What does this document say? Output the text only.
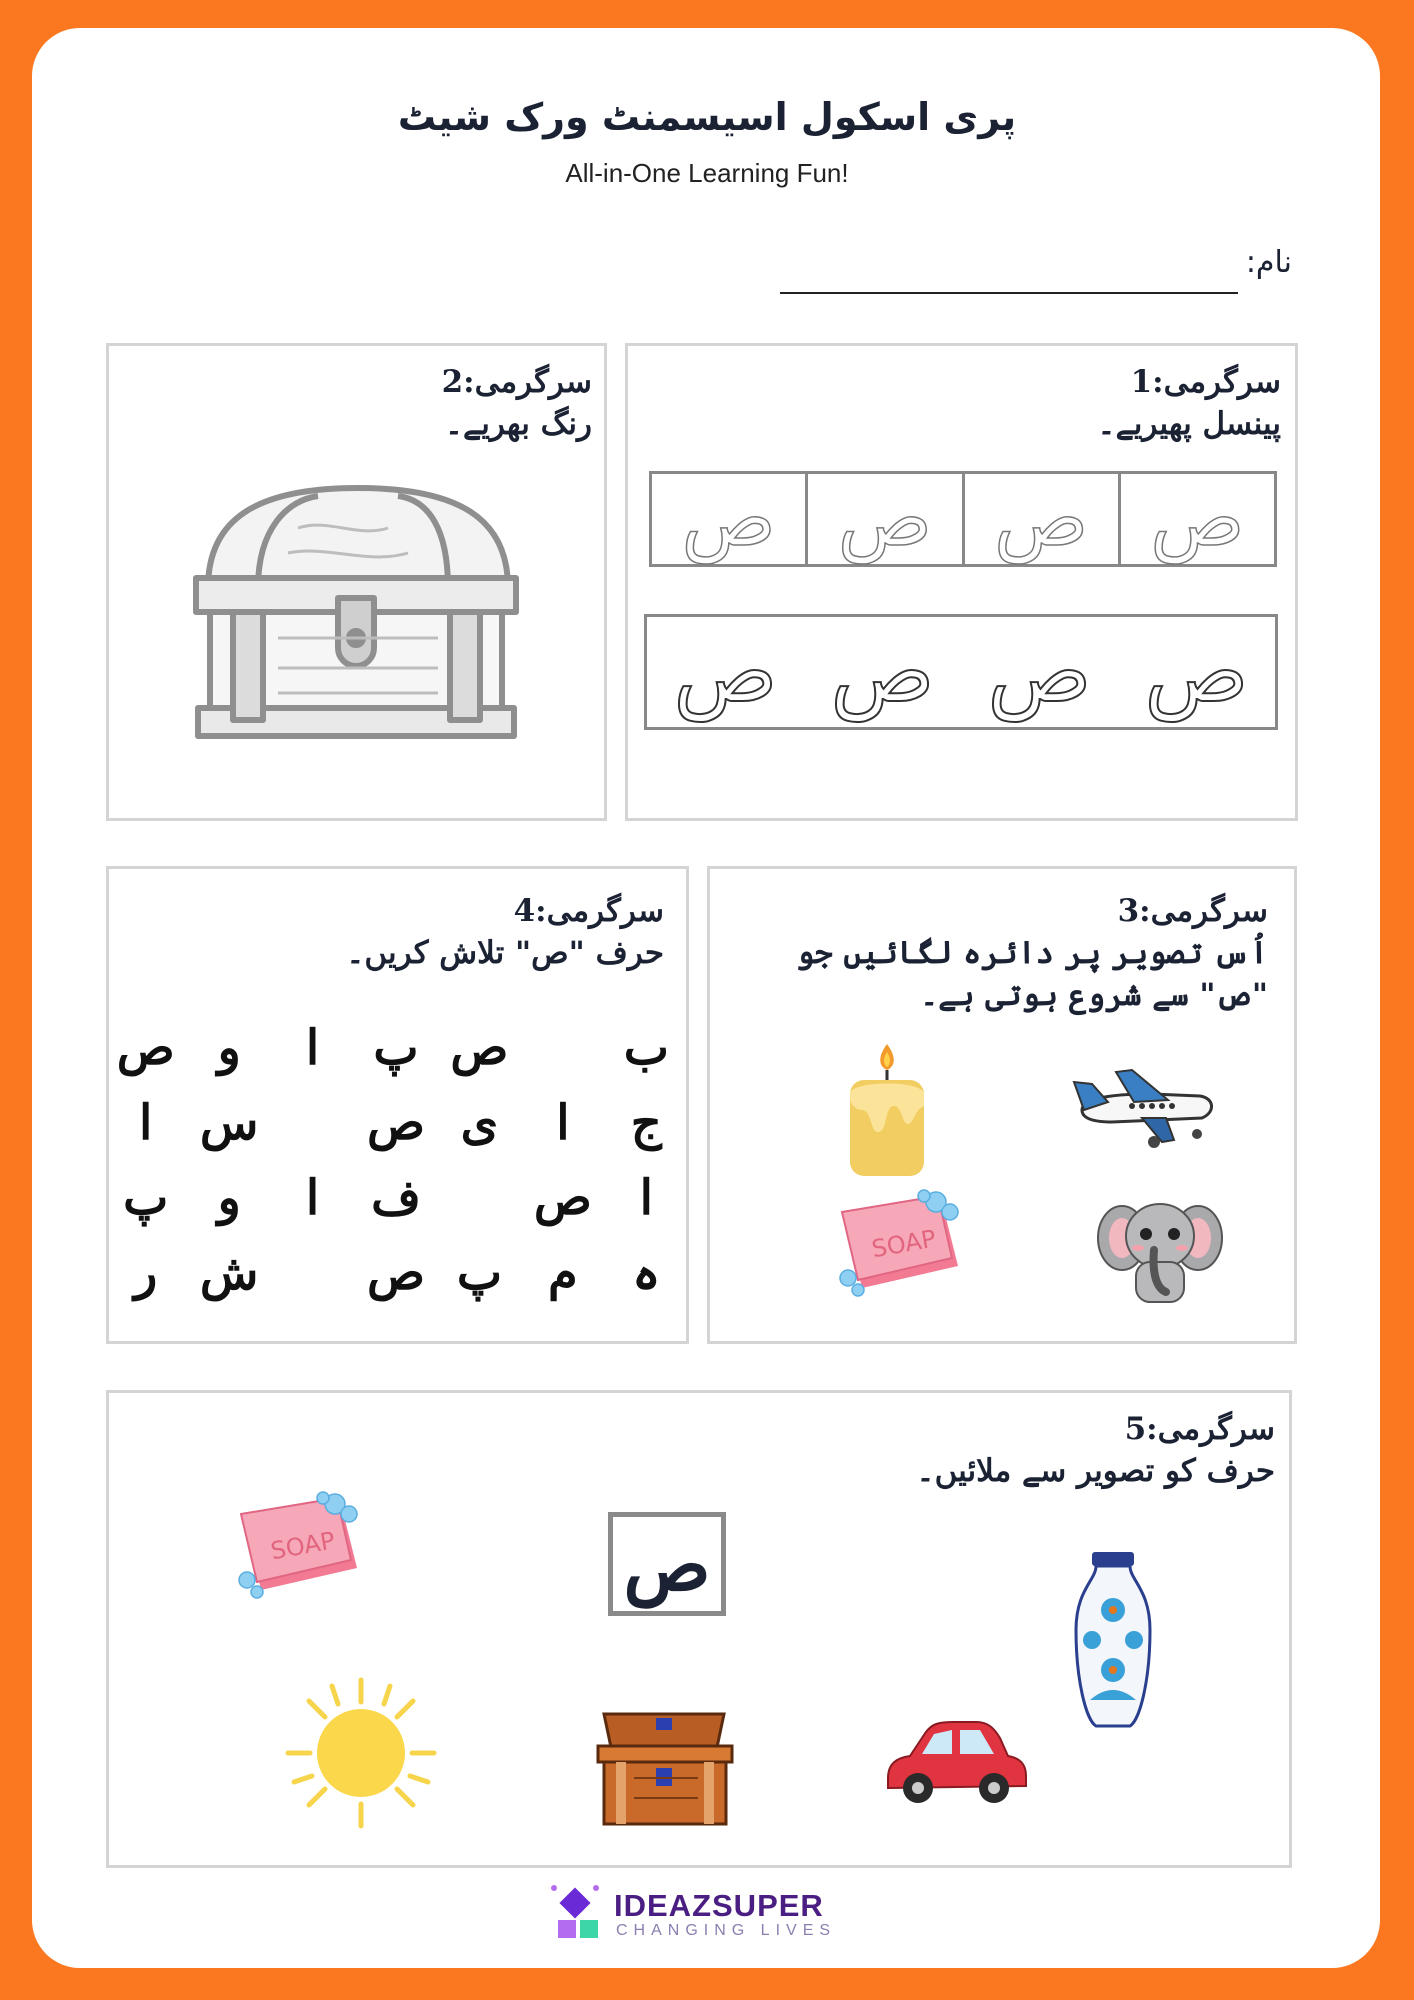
پری اسکول اسیسمنٹ ورک شیٹ
All-in-One Learning Fun!
نام:
سرگرمی:1
پینسل پھیریے۔
ص ص ص ص
ص
ص
ص
ص
سرگرمی:2
رنگ بھریے۔
سرگرمی:3
اُس تصویر پر دائرہ لگائیں جو "ص" سے شروع ہوتی ہے۔
SOAP
سرگرمی:4
حرف "ص" تلاش کریں۔
ب
ص
پ
ا
و
ص
ج
ا
ی
ص
س
ا
ا
ص
ف
ا
و
پ
ہ
م
پ
ص
ش
ر
سرگرمی:5
حرف کو تصویر سے ملائیں۔
ص
SOAP
IDEAZSUPER
CHANGING LIVES
